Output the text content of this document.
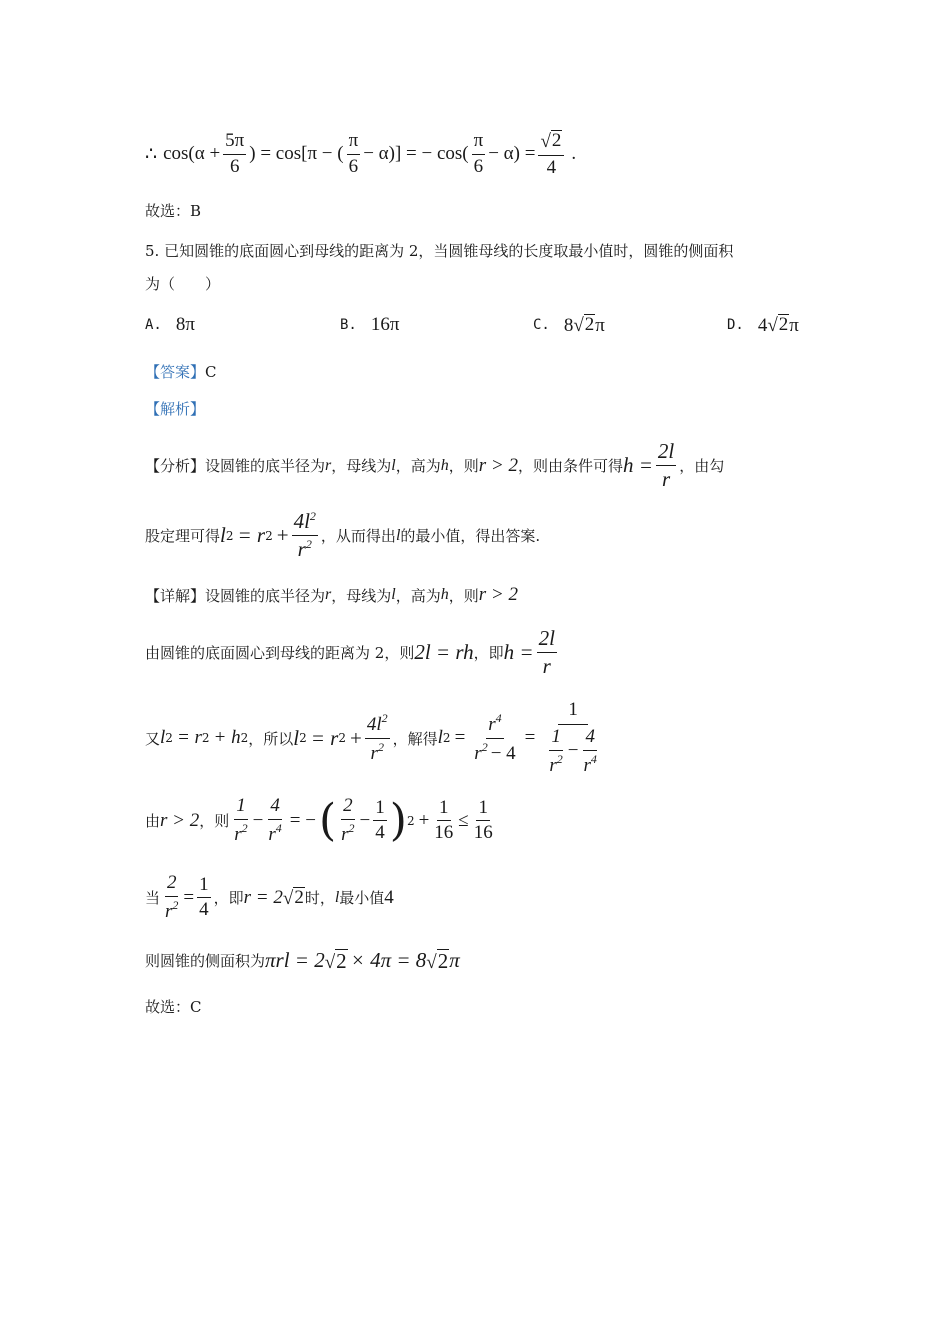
∴ $\cos(\alpha + \frac{5\pi}{6}$ ) = cos[π − ( $\frac{\pi}{6} - \alpha$)] = − $\cos( \frac{\pi}{6} - \alpha) = \frac{√ 2}{4}$ .
故选：B
5. 已知圆锥的底面圆心到母线的距离为 2，当圆锥母线的长度取最小值时，圆锥的侧面积
为（　　）
A. 8π	B. 16π	C. 8 √ 2 π	D. 4 √ 2 π
【答案】 C
【解析】
【分析】 设圆锥的底半径为 r ，母线为 l ，高为 h ，则 r > 2 ，则由条件可得 $h = \frac{2l}{r}$ ，由勾
股定理可得 l 2 = r $2 + \frac{4l^2}{r^2}$ ，从而得出 l 的最小值，得出答案.
【详解】 设圆锥的底半径为 r ，母线为 l ，高为 h ，则 r > 2
由圆锥的底面圆心到母线的距离为 2，则 2l = rh ，即 $h = \frac{2l}{r}$
又 l 2 = r 2 + h 2 ，所以 l 2 = r $2 + \frac{4l^2}{r^2}$ ，解得 l $2 = \frac{r^4}{r^2 - 4} = \frac{1}{\frac{1}{r^2} - \frac{4}{r^4}}$
由 r > 2 ，则 $\frac{1}{r^2} - \frac{4}{r^4}$ = − ( $\frac{2}{r^2} - \frac{1}{4}$ ) $2 + \frac{1}{16} \le \frac{1}{16}$
当 $\frac{2}{r^2} = \frac{1}{4}$ ，即 r = 2 √ 2 时， l 最小值 4
则圆锥的侧面积为 πrl = 2 √ 2 × 4π = 8 √ 2 π
故选：C
